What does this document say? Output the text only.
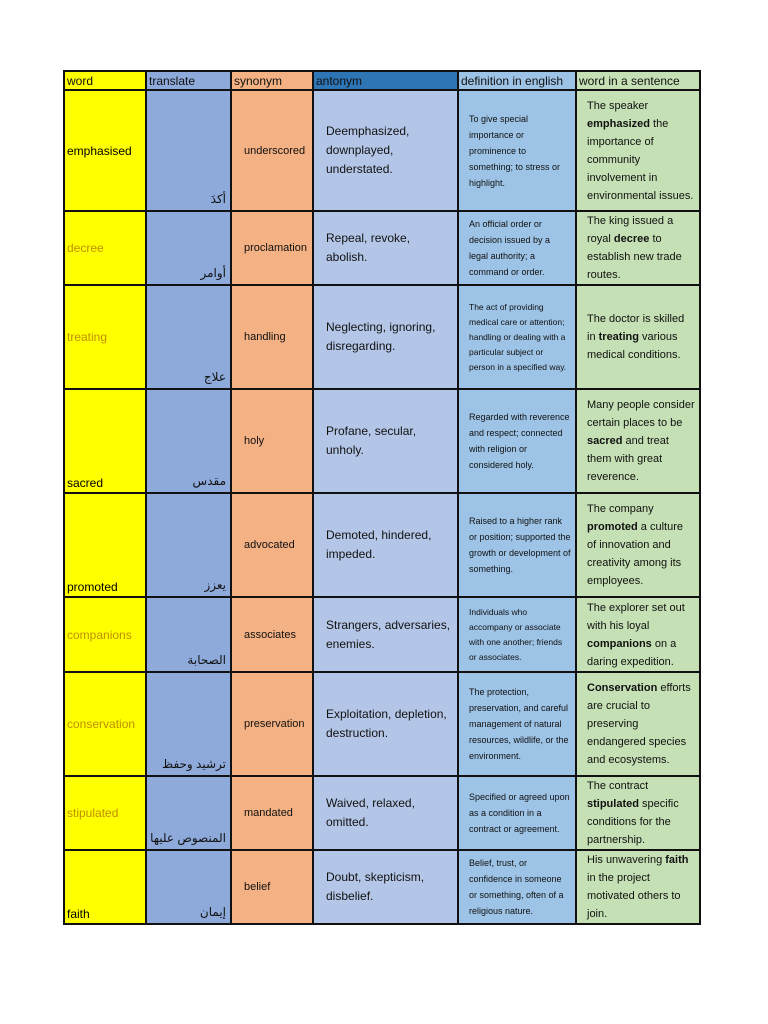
word	translate	synonym	antonym	definition in english	word in a sentence
emphasised	أكدَ	underscored	Deemphasized, downplayed, understated.	To give special importance or prominence to something; to stress or highlight.	The speaker emphasized the importance of community involvement in environmental issues.
decree	أوامر	proclamation	Repeal, revoke, abolish.	An official order or decision issued by a legal authority; a command or order.	The king issued a royal decree to establish new trade routes.
treating	علاج	handling	Neglecting, ignoring, disregarding.	The act of providing medical care or attention; handling or dealing with a particular subject or person in a specified way.	The doctor is skilled in treating various medical conditions.
sacred	مقدس	holy	Profane, secular, unholy.	Regarded with reverence and respect; connected with religion or considered holy.	Many people consider certain places to be sacred and treat them with great reverence.
promoted	يعزز	advocated	Demoted, hindered, impeded.	Raised to a higher rank or position; supported the growth or development of something.	The company promoted a culture of innovation and creativity among its employees.
companions	الصحابة	associates	Strangers, adversaries, enemies.	Individuals who accompany or associate with one another; friends or associates.	The explorer set out with his loyal companions on a daring expedition.
conservation	ترشيد وحفظ	preservation	Exploitation, depletion, destruction.	The protection, preservation, and careful management of natural resources, wildlife, or the environment.	Conservation efforts are crucial to preserving endangered species and ecosystems.
stipulated	المنصوص عليها	mandated	Waived, relaxed, omitted.	Specified or agreed upon as a condition in a contract or agreement.	The contract stipulated specific conditions for the partnership.
faith	إيمان	belief	Doubt, skepticism, disbelief.	Belief, trust, or confidence in someone or something, often of a religious nature.	His unwavering faith in the project motivated others to join.
